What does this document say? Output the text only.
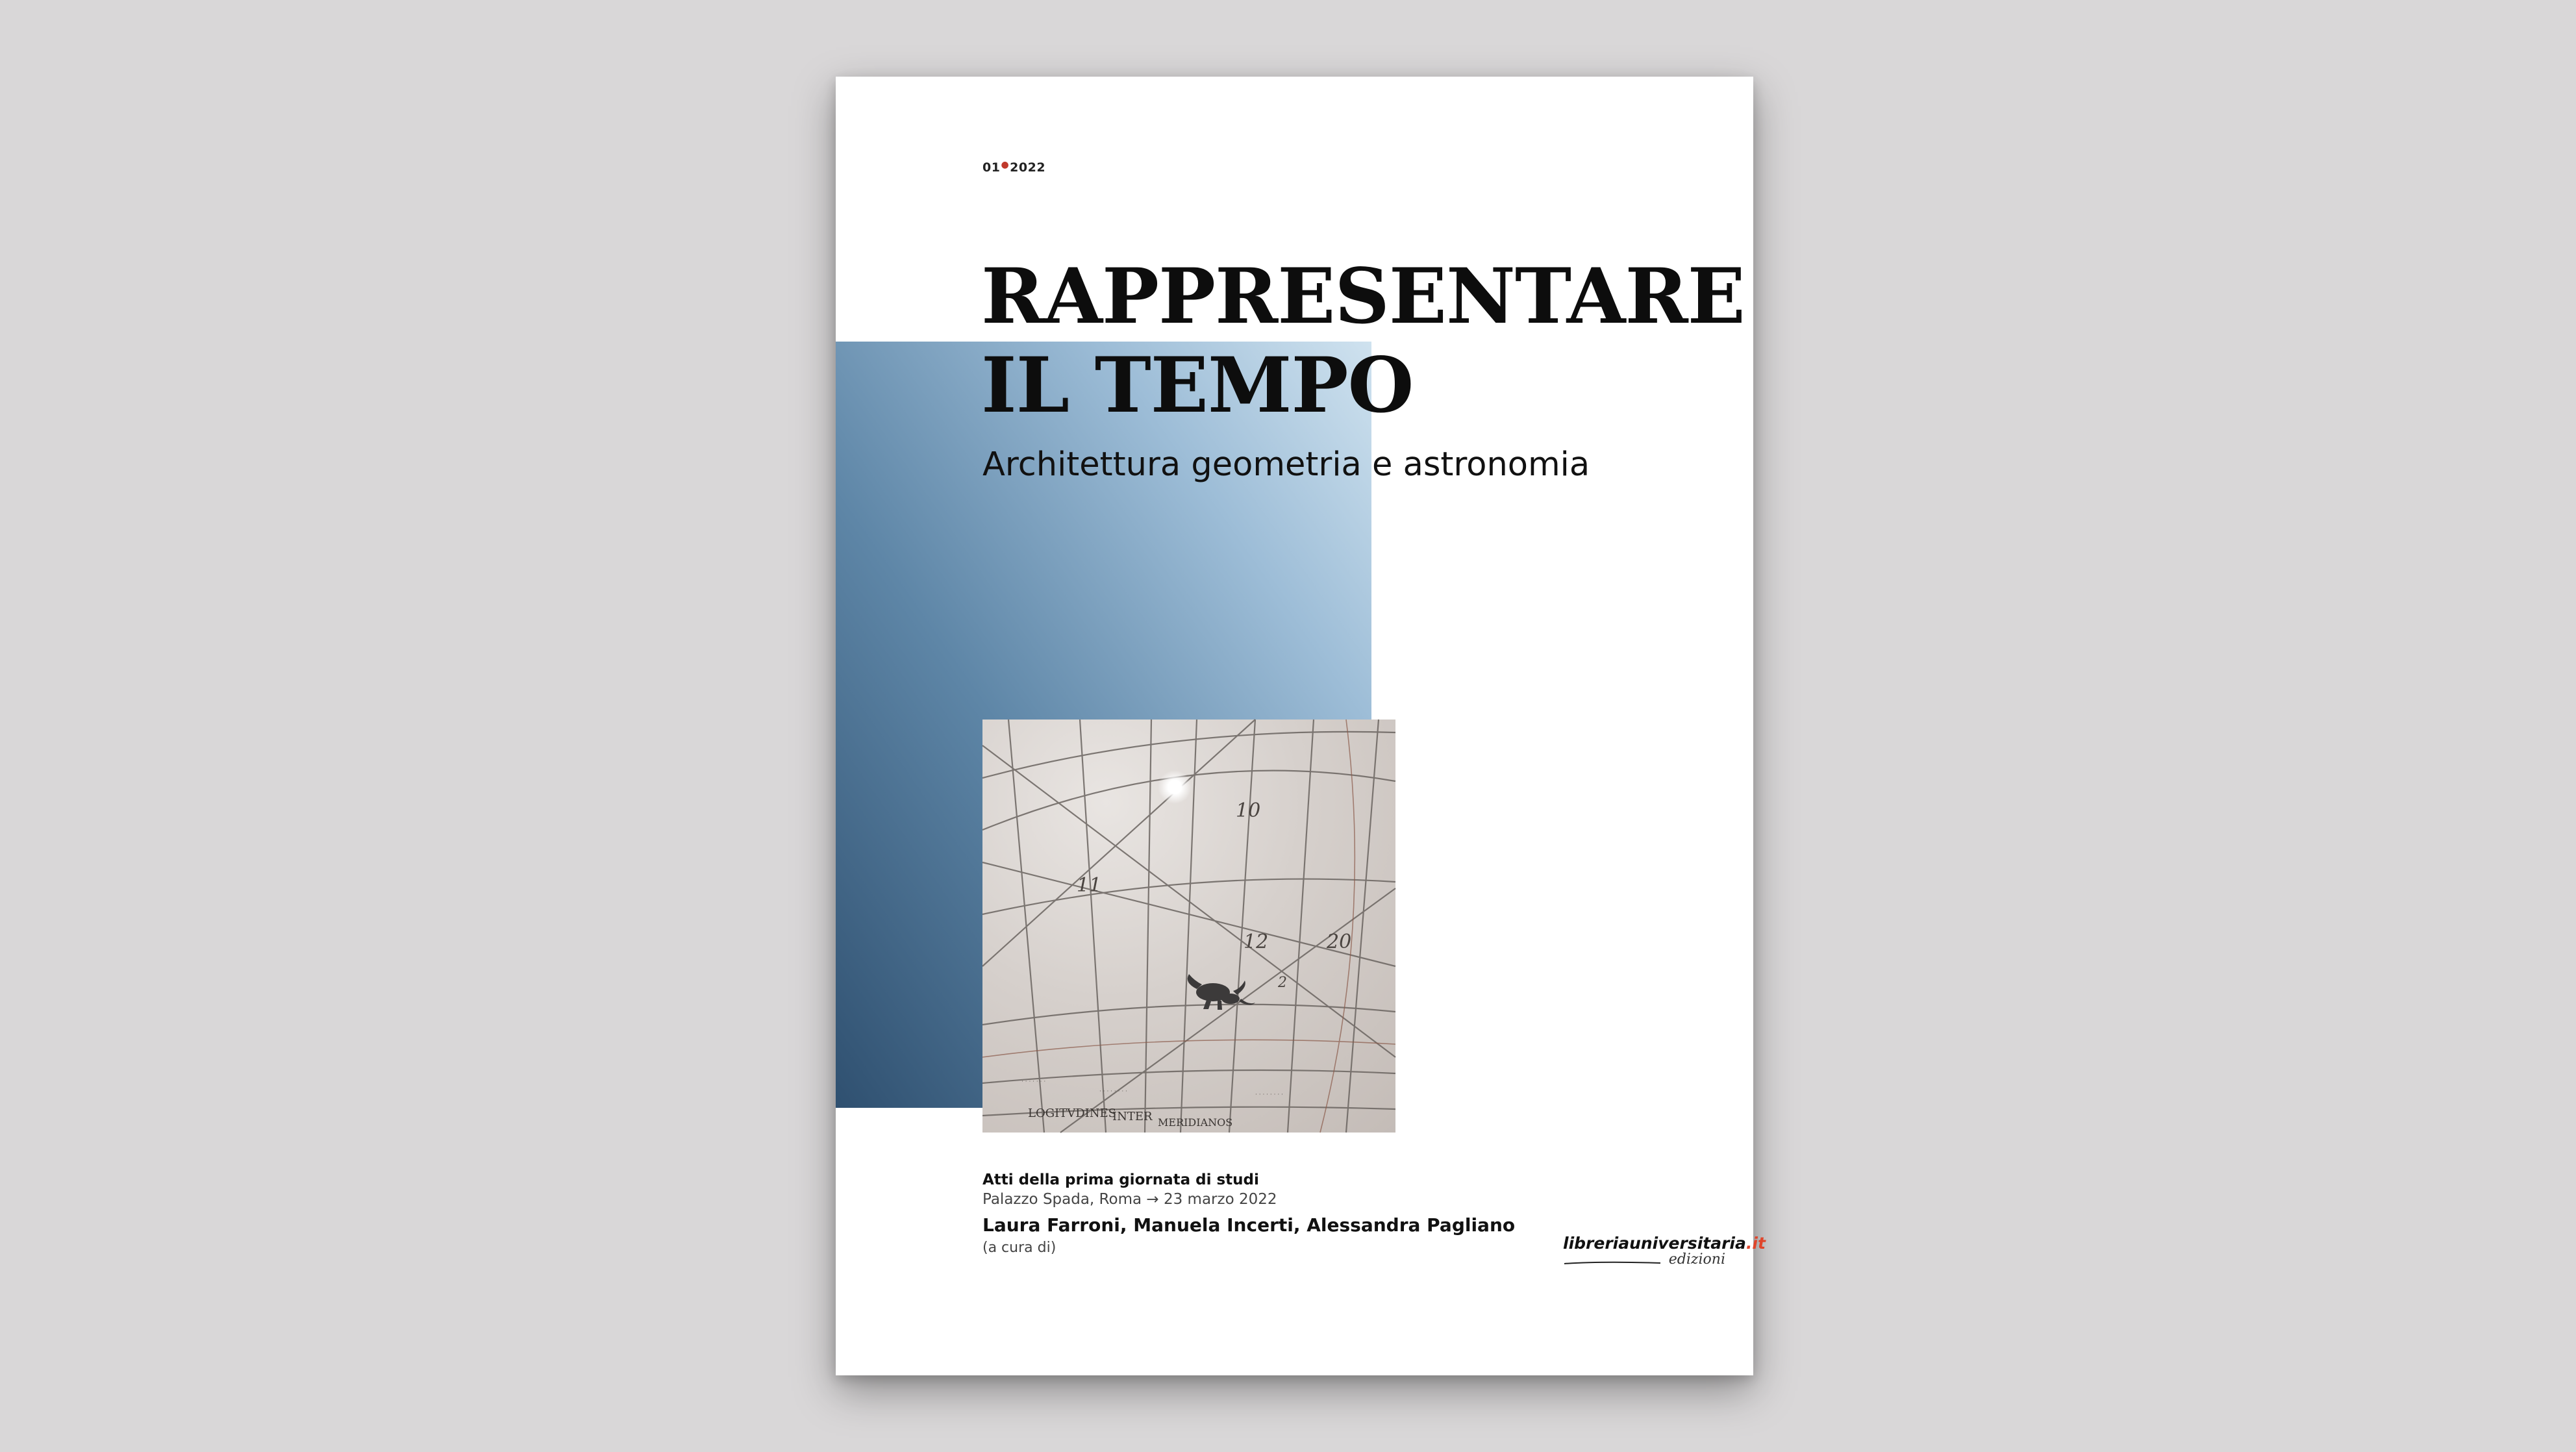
01●2022
RAPPRESENTARE
IL TEMPO
Architettura geometria e astronomia
10
11
12	20
2
LOGITVDINES
INTER MERIDIANOS
· · · · · · ·
· · · · · · · ·	· · · · · · · ·
Atti della prima giornata di studi
Palazzo Spada, Roma → 23 marzo 2022
Laura Farroni, Manuela Incerti, Alessandra Pagliano
(a cura di)	libreriauniversitaria.it
edizioni
